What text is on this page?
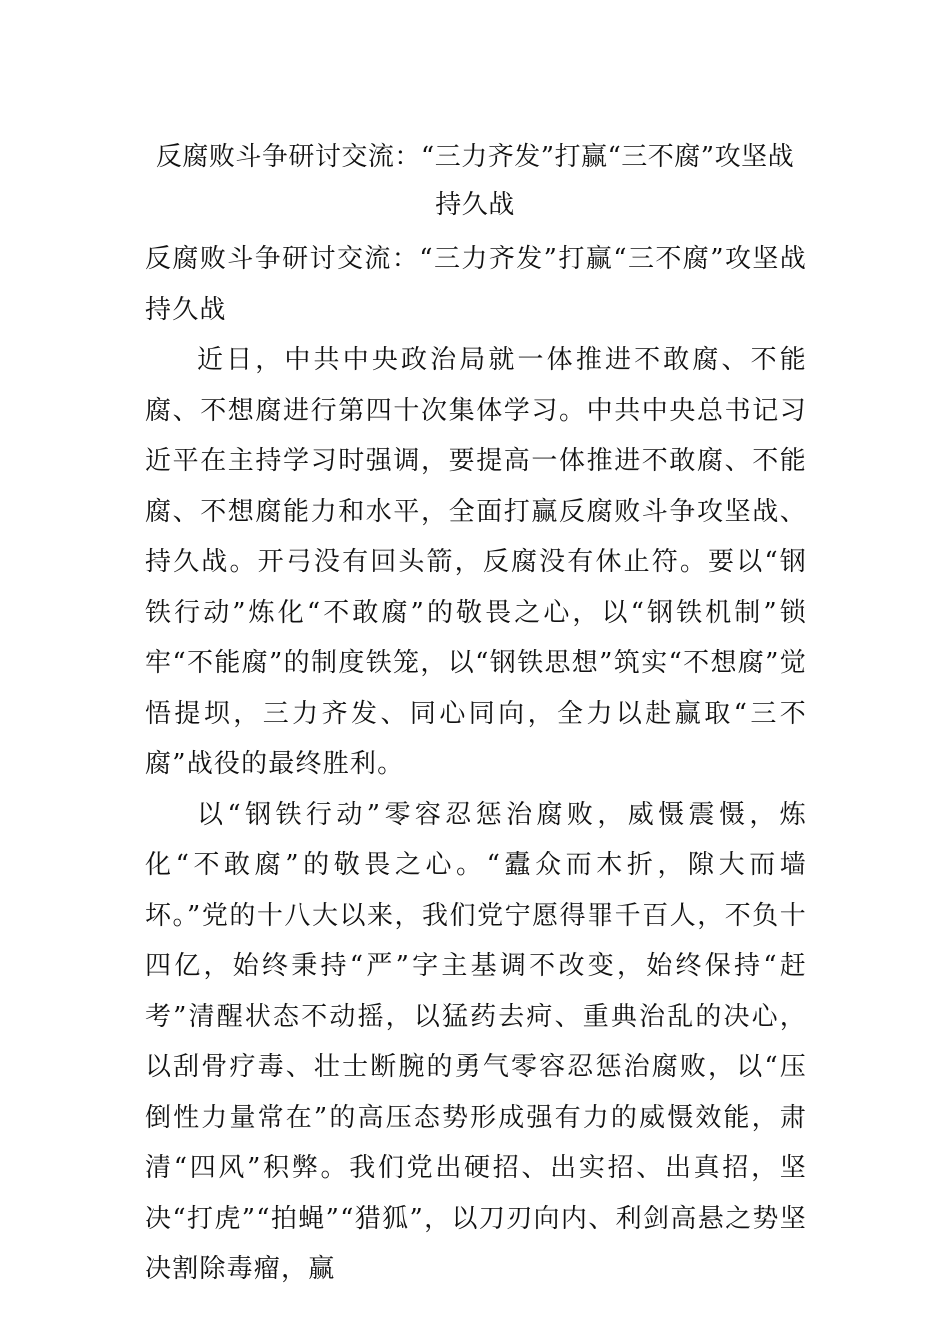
反腐败斗争研讨交流：“三力齐发”打赢“三不腐”攻坚战持久战

反腐败斗争研讨交流：“三力齐发”打赢“三不腐”攻坚战持久战

近日，中共中央政治局就一体推进不敢腐、不能腐、不想腐进行第四十次集体学习。中共中央总书记习近平在主持学习时强调，要提高一体推进不敢腐、不能腐、不想腐能力和水平，全面打赢反腐败斗争攻坚战、持久战。开弓没有回头箭，反腐没有休止符。要以“钢铁行动”炼化“不敢腐”的敬畏之心，以“钢铁机制”锁牢“不能腐”的制度铁笼，以“钢铁思想”筑实“不想腐”觉悟提坝，三力齐发、同心同向，全力以赴赢取“三不腐”战役的最终胜利。

以“钢铁行动”零容忍惩治腐败，威慑震慑，炼化“不敢腐”的敬畏之心。“蠹众而木折，隙大而墙坏。”党的十八大以来，我们党宁愿得罪千百人，不负十四亿，始终秉持“严”字主基调不改变，始终保持“赶考”清醒状态不动摇，以猛药去疴、重典治乱的决心，以刮骨疗毒、壮士断腕的勇气零容忍惩治腐败，以“压倒性力量常在”的高压态势形成强有力的威慑效能，肃清“四风”积弊。我们党出硬招、出实招、出真招，坚决“打虎”“拍蝇”“猎狐”，以刀刃向内、利剑高悬之势坚决割除毒瘤，赢
